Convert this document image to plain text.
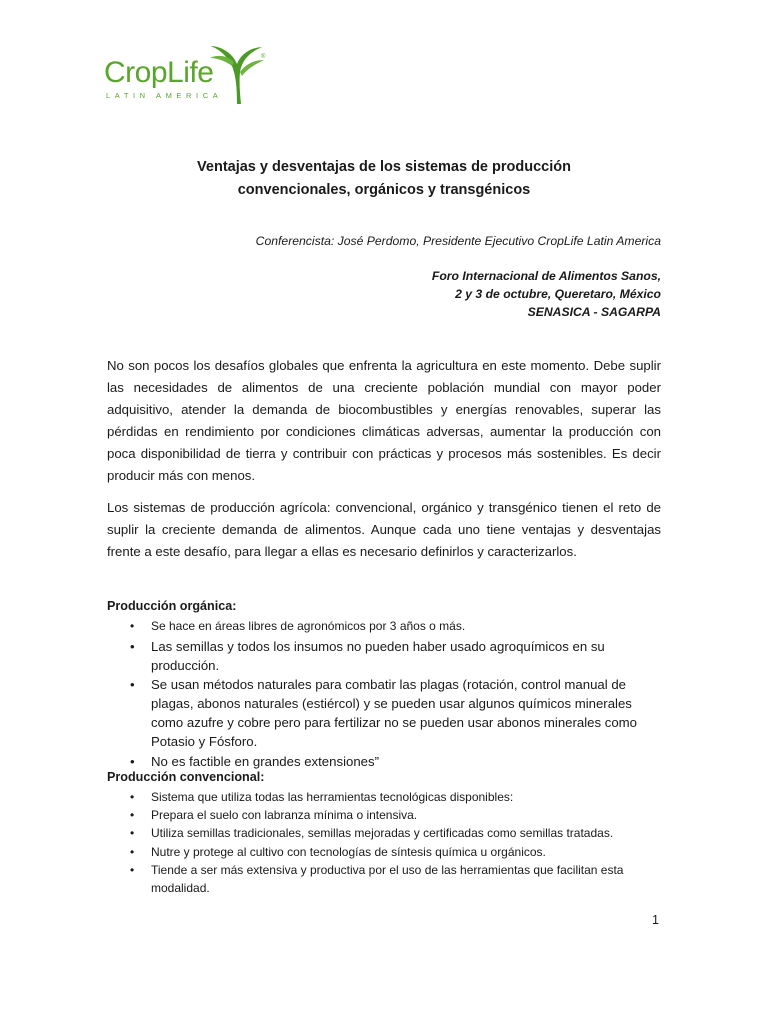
CropLife	®
LATIN AMERICA
Ventajas y desventajas de los sistemas de producción
convencionales, orgánicos y transgénicos
Conferencista: José Perdomo, Presidente Ejecutivo CropLife Latin America
Foro Internacional de Alimentos Sanos,
2 y 3 de octubre, Queretaro, México
SENASICA - SAGARPA

No son pocos los desafíos globales que enfrenta la agricultura en este momento. Debe suplir las necesidades de alimentos de una creciente población mundial con mayor poder adquisitivo, atender la demanda de biocombustibles y energías renovables, superar las pérdidas en rendimiento por condiciones climáticas adversas, aumentar la producción con poca disponibilidad de tierra y contribuir con prácticas y procesos más sostenibles. Es decir producir más con menos.

Los sistemas de producción agrícola: convencional, orgánico y transgénico tienen el reto de suplir la creciente demanda de alimentos. Aunque cada uno tiene ventajas y desventajas frente a este desafío, para llegar a ellas es necesario definirlos y caracterizarlos.

Producción orgánica:

• Se hace en áreas libres de agronómicos por 3 años o más.
• Las semillas y todos los insumos no pueden haber usado agroquímicos en su producción.
• Se usan métodos naturales para combatir las plagas (rotación, control manual de plagas, abonos naturales (estiércol) y se pueden usar algunos químicos minerales como azufre y cobre pero para fertilizar no se pueden usar abonos minerales como Potasio y Fósforo.
• No es factible en grandes extensiones”

Producción convencional:

• Sistema que utiliza todas las herramientas tecnológicas disponibles:
• Prepara el suelo con labranza mínima o intensiva.
• Utiliza semillas tradicionales, semillas mejoradas y certificadas como semillas tratadas.
• Nutre y protege al cultivo con tecnologías de síntesis química u orgánicos.
• Tiende a ser más extensiva y productiva por el uso de las herramientas que facilitan esta modalidad.
1
